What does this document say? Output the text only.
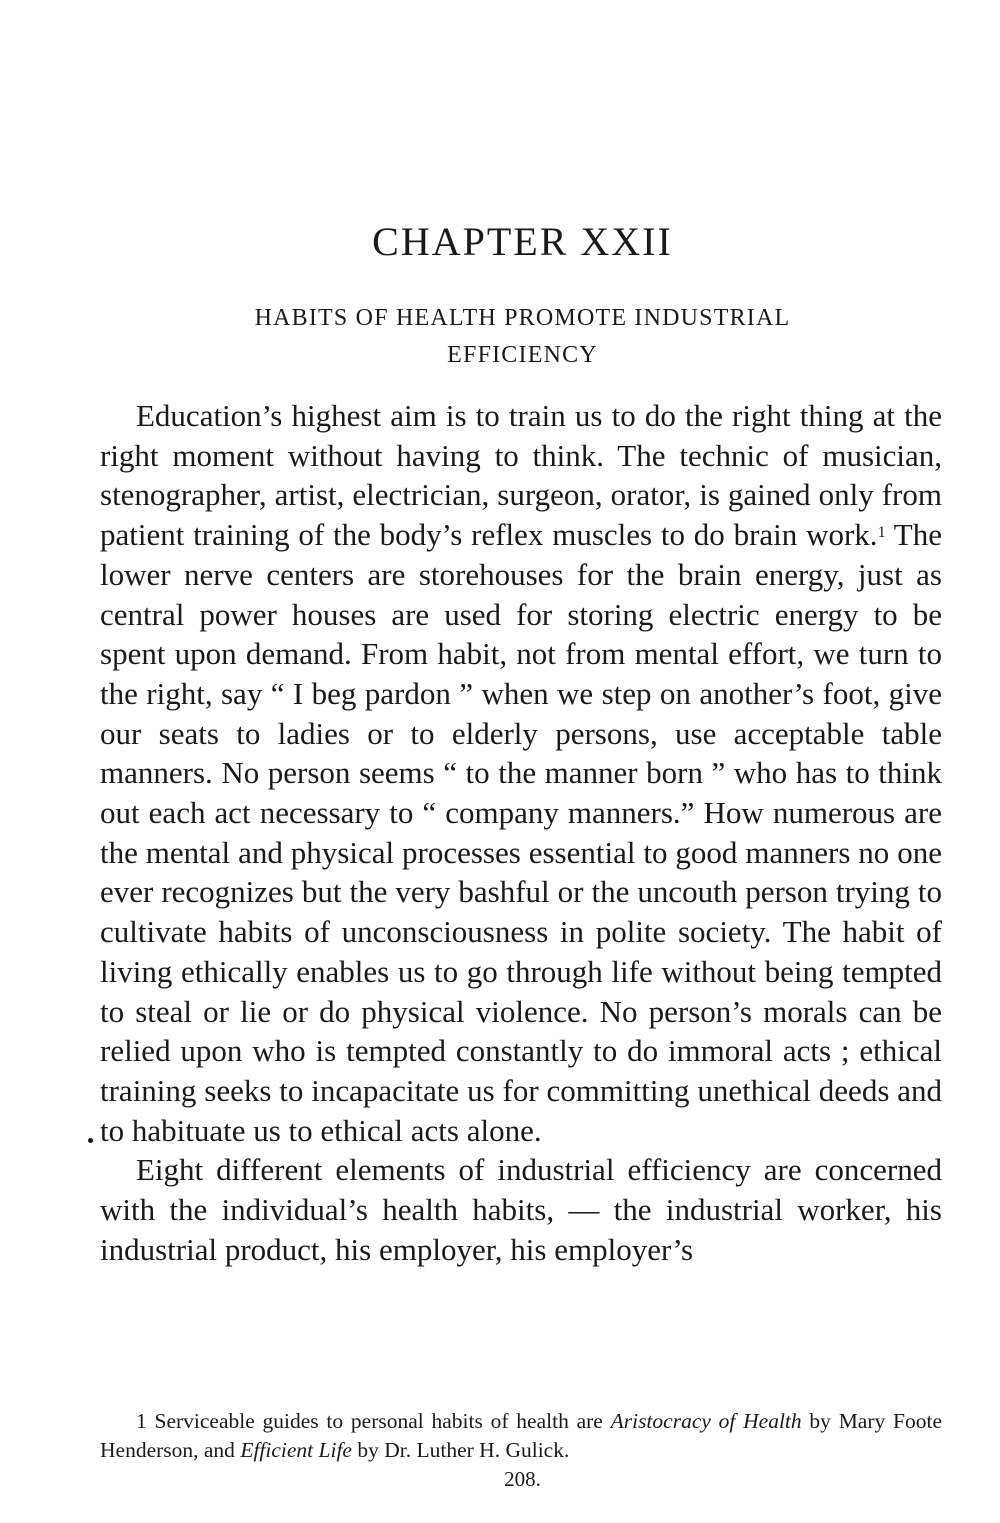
CHAPTER XXII
HABITS OF HEALTH PROMOTE INDUSTRIAL
EFFICIENCY

Education’s highest aim is to train us to do the right thing at the right moment without having to think. The technic of musician, stenographer, artist, electrician, surgeon, orator, is gained only from patient training of the body’s reflex muscles to do brain work.$^1$ The lower nerve centers are storehouses for the brain energy, just as central power houses are used for storing electric energy to be spent upon demand. From habit, not from mental effort, we turn to the right, say “ I beg pardon ” when we step on another’s foot, give our seats to ladies or to elderly persons, use acceptable table manners. No person seems “ to the manner born ” who has to think out each act necessary to “ company manners.” How numerous are the mental and physical processes essential to good manners no one ever recognizes but the very bashful or the uncouth person trying to cultivate habits of unconsciousness in polite society. The habit of living ethically enables us to go through life without being tempted to steal or lie or do physical violence. No person’s morals can be relied upon who is tempted constantly to do immoral acts ; ethical training seeks to incapacitate us for committing unethical deeds and to habituate us to ethical acts alone.

Eight different elements of industrial efficiency are concerned with the individual’s health habits, — the industrial worker, his industrial product, his employer, his employer’s

1 Serviceable guides to personal habits of health are Aristocracy of Health by Mary Foote Henderson, and Efficient Life by Dr. Luther H. Gulick.

208.
